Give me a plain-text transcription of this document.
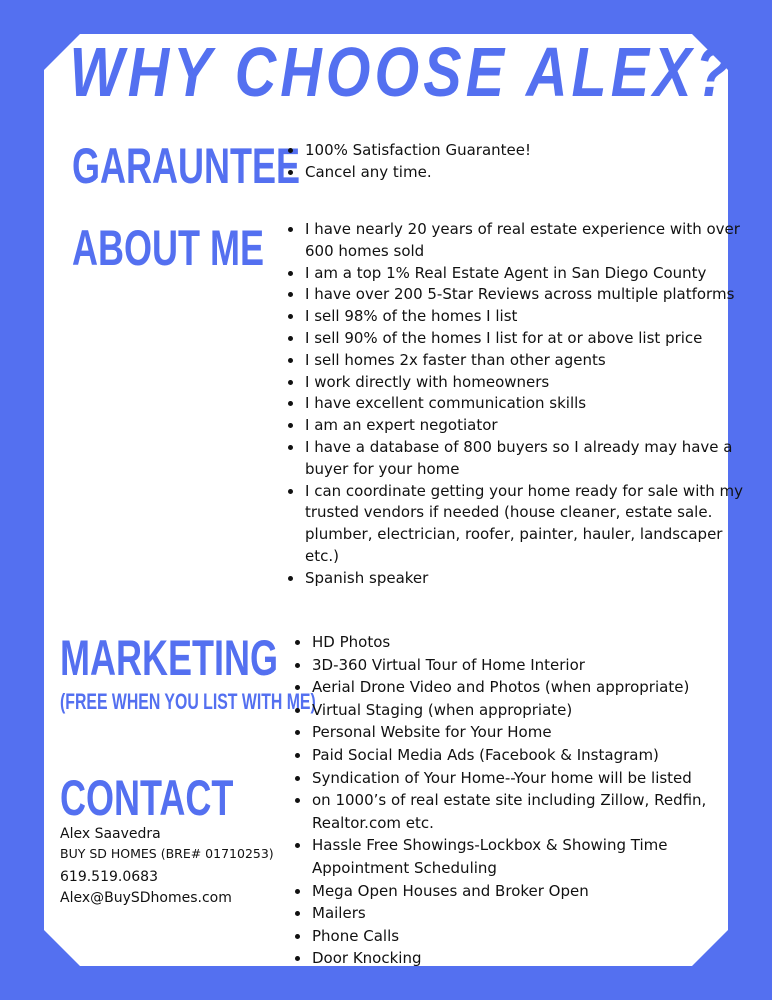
WHY CHOOSE ALEX?
GARAUNTEE • 100% Satisfaction Guarantee!
• Cancel any time.
ABOUT ME	• I have nearly 20 years of real estate experience with over 600 homes sold
• I am a top 1% Real Estate Agent in San Diego County
• I have over 200 5-Star Reviews across multiple platforms
• I sell 98% of the homes I list
• I sell 90% of the homes I list for at or above list price
• I sell homes 2x faster than other agents
• I work directly with homeowners
• I have excellent communication skills
• I am an expert negotiator
• I have a database of 800 buyers so I already may have a buyer for your home
• I can coordinate getting your home ready for sale with my trusted vendors if needed (house cleaner, estate sale. plumber, electrician, roofer, painter, hauler, landscaper etc.)
• Spanish speaker
MARKETING
(FREE WHEN YOU LIST WITH ME)
• HD Photos
• 3D-360 Virtual Tour of Home Interior
• Aerial Drone Video and Photos (when appropriate)
• Virtual Staging (when appropriate)
• Personal Website for Your Home
• Paid Social Media Ads (Facebook & Instagram)
• Syndication of Your Home--Your home will be listed
• on 1000’s of real estate site including Zillow, Redfin, Realtor.com etc.
• Hassle Free Showings-Lockbox & Showing Time Appointment Scheduling
• Mega Open Houses and Broker Open
• Mailers
• Phone Calls
• Door Knocking
CONTACT
Alex Saavedra
BUY SD HOMES (BRE# 01710253)
619.519.0683
Alex@BuySDhomes.com
